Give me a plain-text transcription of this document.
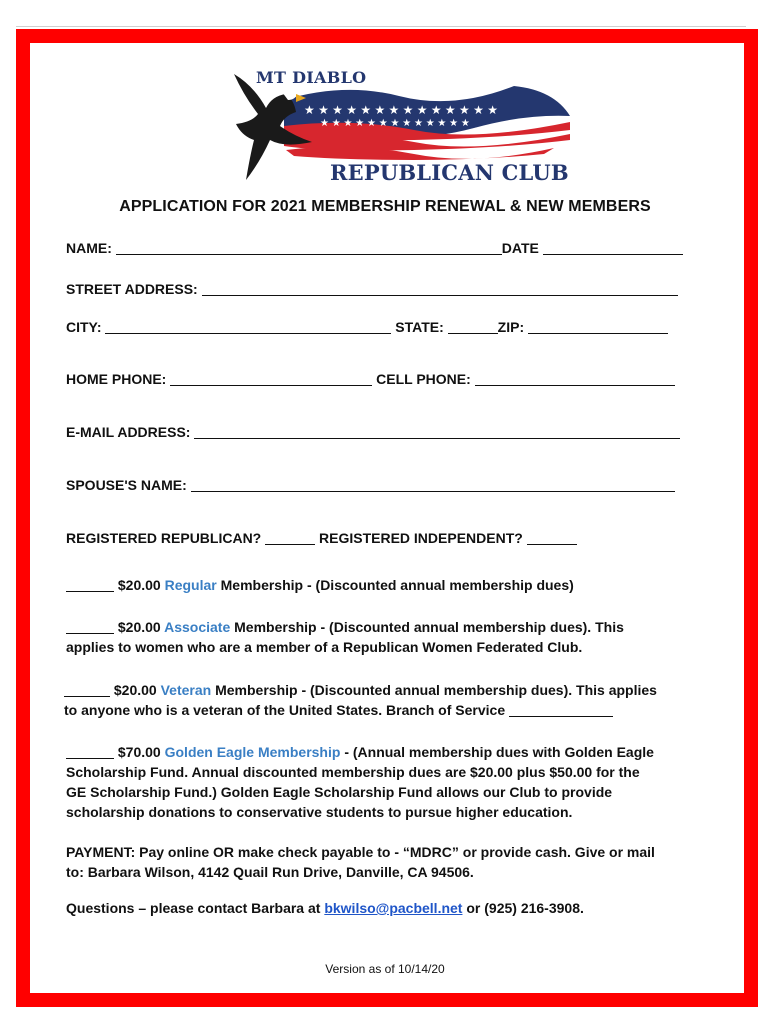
★ ★ ★ ★ ★ ★ ★ ★ ★ ★ ★ ★ ★ ★
★ ★ ★ ★ ★ ★ ★ ★ ★ ★ ★ ★ ★
MT DIABLO
REPUBLICAN CLUB
APPLICATION FOR 2021 MEMBERSHIP RENEWAL & NEW MEMBERS
NAME:	DATE
STREET ADDRESS:
CITY:	STATE:	ZIP:
HOME PHONE:	CELL PHONE:
E-MAIL ADDRESS:
SPOUSE'S NAME:
REGISTERED REPUBLICAN?	REGISTERED INDEPENDENT?
$20.00 Regular Membership - (Discounted annual membership dues)
$20.00 Associate Membership - (Discounted annual membership dues). This
applies to women who are a member of a Republican Women Federated Club.
$20.00 Veteran Membership - (Discounted annual membership dues). This applies
to anyone who is a veteran of the United States. Branch of Service
$70.00 Golden Eagle Membership - (Annual membership dues with Golden Eagle
Scholarship Fund. Annual discounted membership dues are $20.00 plus $50.00 for the
GE Scholarship Fund.) Golden Eagle Scholarship Fund allows our Club to provide
scholarship donations to conservative students to pursue higher education.
PAYMENT: Pay online OR make check payable to - “MDRC” or provide cash. Give or mail
to: Barbara Wilson, 4142 Quail Run Drive, Danville, CA 94506.
Questions – please contact Barbara at bkwilso@pacbell.net or (925) 216-3908.
Version as of 10/14/20
